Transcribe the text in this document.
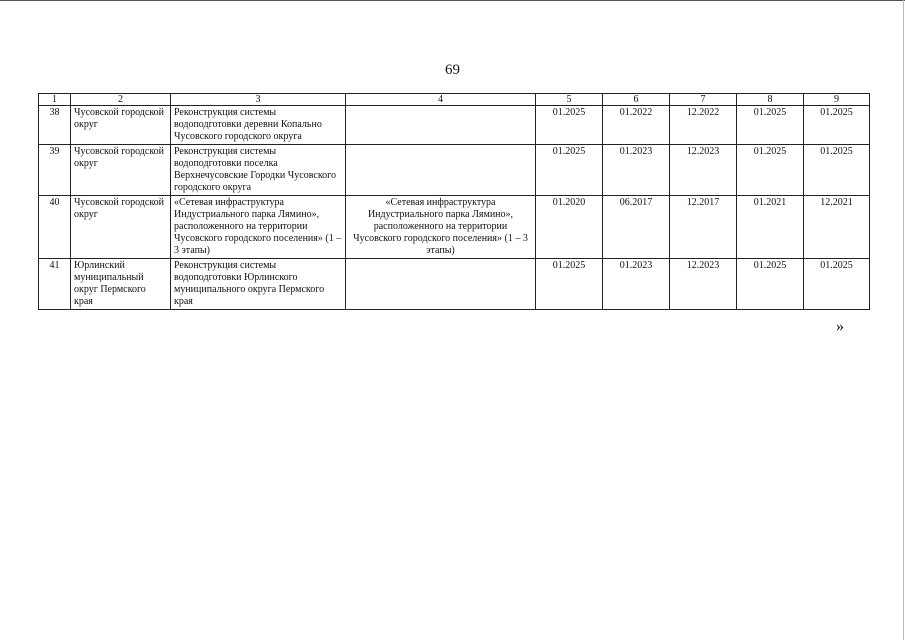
69
1	2	3	4	5	6	7	8	9
38	Чусовской городской округ	Реконструкция системы водоподготовки деревни Копально Чусовского городского округа		01.2025	01.2022	12.2022	01.2025	01.2025
39	Чусовской городской округ	Реконструкция системы водоподготовки поселка Верхнечусовские Городки Чусовского городского округа		01.2025	01.2023	12.2023	01.2025	01.2025
40	Чусовской городской округ	«Сетевая инфраструктура Индустриального парка Лямино», расположенного на территории Чусовского городского поселения» (1 – 3 этапы)	«Сетевая инфраструктура Индустриального парка Лямино», расположенного на территории Чусовского городского поселения» (1 – 3 этапы)	01.2020	06.2017	12.2017	01.2021	12.2021
41	Юрлинский муниципальный округ Пермского края	Реконструкция системы водоподготовки Юрлинского муниципального округа Пермского края		01.2025	01.2023	12.2023	01.2025	01.2025
»
